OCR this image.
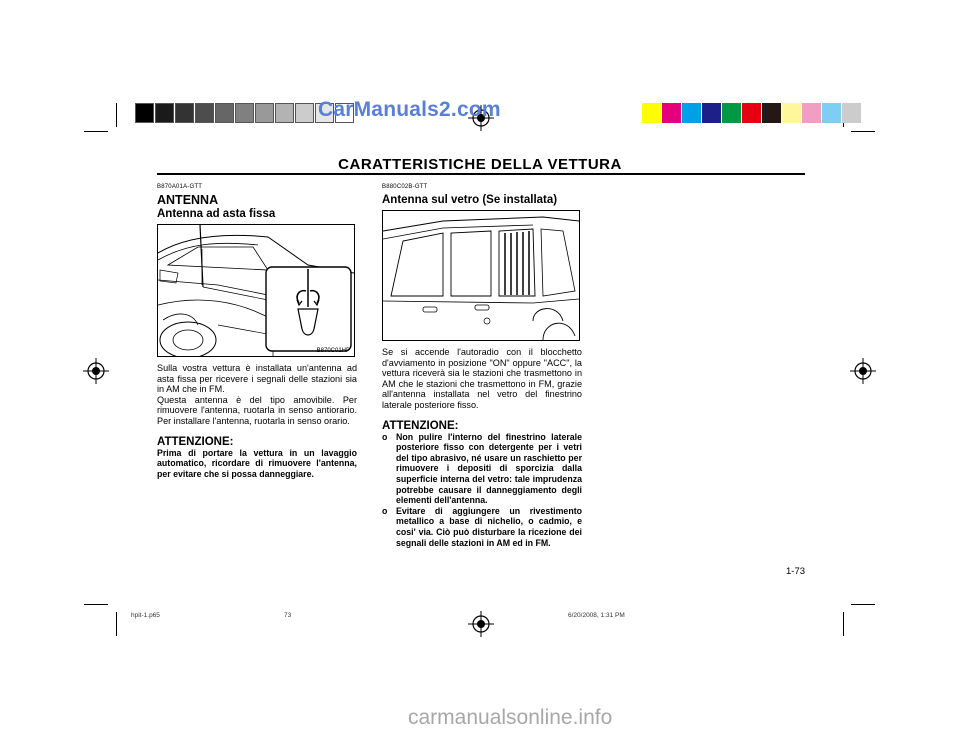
CarManuals2.com
CARATTERISTICHE DELLA VETTURA
B870A01A-GTT
ANTENNA
Antenna ad asta fissa
B870C01HP
Sulla vostra vettura è installata un'antenna ad asta fissa per ricevere i segnali delle stazioni sia in AM che in FM.
Questa antenna è del tipo amovibile. Per rimuovere l'antenna, ruotarla in senso antiorario. Per installare l'antenna, ruotarla in senso orario.
ATTENZIONE:
Prima di portare la vettura in un lavaggio automatico, ricordare di rimuovere l'antenna, per evitare che si possa danneggiare.
B880C02B-GTT
Antenna sul vetro (Se installata)
Se si accende l'autoradio con il blocchetto d'avviamento in posizione "ON" oppure "ACC", la vettura riceverà sia le stazioni che trasmettono in AM che le stazioni che trasmettono in FM, grazie all'antenna installata nel vetro del finestrino laterale posteriore fisso.
ATTENZIONE:
o Non pulire l'interno del finestrino laterale posteriore fisso con detergente per i vetri del tipo abrasivo, né usare un raschietto per rimuovere i depositi di sporcizia dalla superficie interna del vetro: tale imprudenza potrebbe causare il danneggiamento degli elementi dell'antenna.
o Evitare di aggiungere un rivestimento metallico a base di nichelio, o cadmio, e cosi' via. Ciò può disturbare la ricezione dei segnali delle stazioni in AM ed in FM.
1-73
hpit-1.p65	73	6/20/2008, 1:31 PM
carmanualsonline.info
